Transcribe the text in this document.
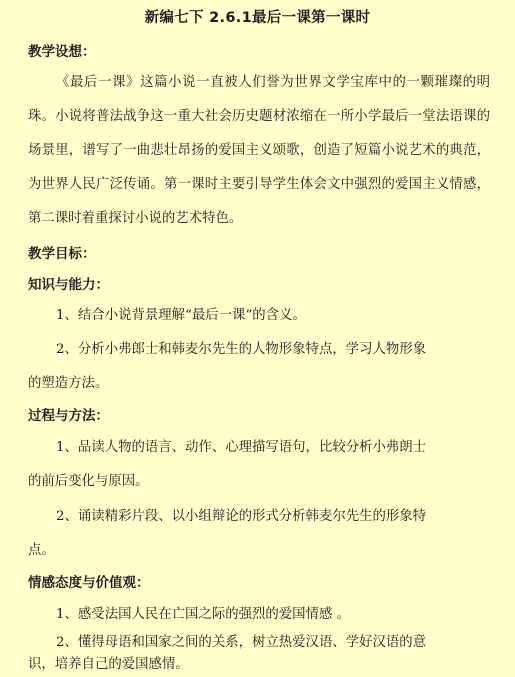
新编七下 2.6.1最后一课第一课时
教学设想：
《最后一课》这篇小说一直被人们誉为世界文学宝库中的一颗璀璨的明珠。小说将普法战争这一重大社会历史题材浓缩在一所小学最后一堂法语课的场景里，谱写了一曲悲壮昂扬的爱国主义颂歌，创造了短篇小说艺术的典范，为世界人民广泛传诵。第一课时主要引导学生体会文中强烈的爱国主义情感，第二课时着重探讨小说的艺术特色。
教学目标：
知识与能力：
1、结合小说背景理解“最后一课”的含义。
2、分析小弗郎士和韩麦尔先生的人物形象特点，学习人物形象
的塑造方法。
过程与方法：
1、品读人物的语言、动作、心理描写语句，比较分析小弗朗士
的前后变化与原因。
2、诵读精彩片段、以小组辩论的形式分析韩麦尔先生的形象特
点。
情感态度与价值观：
1、感受法国人民在亡国之际的强烈的爱国情感 。
2、懂得母语和国家之间的关系，树立热爱汉语、学好汉语的意
识，培养自己的爱国感情。
